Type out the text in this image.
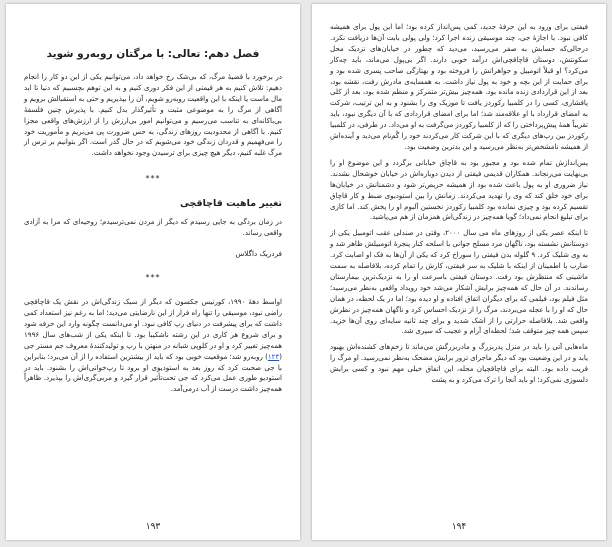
فصل دهم: تعالی: با مرگتان روبه‌رو شوید

در برخورد با قضیهٔ مرگ، که بی‌شک رخ خواهد داد، می‌توانیم یکی از این دو کار را انجام دهیم: تلاش کنیم به هر قیمتی از این فکر دوری کنیم و به این توهم بچسبیم که دنیا تا ابد مال ماست یا اینکه با این واقعیت روبه‌رو شویم، آن را بپذیریم و حتی به استقبالش برویم و آگاهی از مرگ را به موضوعی مثبت و تأثیرگذار بدل کنیم. با پذیرش چنین فلسفهٔ بی‌باکانه‌ای به تناسب می‌رسیم و می‌توانیم امور بی‌ارزش را از ارزش‌های واقعی مجزا کنیم. با آگاهی از محدودیت روزهای زندگی، به حس ضرورت پی می‌بریم و مأموریت خود را می‌فهمیم و قدردان زندگی خود می‌شویم که در حال گذر است. اگر بتوانیم بر ترس از مرگ غلبه کنیم، دیگر هیچ چیزی برای ترسیدن وجود نخواهد داشت.

***
تغییر ماهیت قاچاقچی

در زمان بردگی به جایی رسیدم که دیگر از مردن نمی‌ترسیدم؛ روحیه‌ای که مرا به آزادی واقعی رساند.

فردریک داگلاس
***

اواسط دههٔ ۱۹۹۰، کورتیس جکسون که دیگر از سبک زندگی‌اش در نقش یک قاچاقچی راضی نبود، موسیقی را تنها راه فرار از این نارضایتی می‌دید؛ اما به رغم نیز استعداد کمی داشت که برای پیشرفت در دنیای رپ کافی نبود. او می‌دانست چگونه وارد این حرفه شود و برای شروع هر کاری در این رشته ناشکیبا بود. تا اینکه یکی از شب‌های سال ۱۹۹۶ همه‌چیز تغییر کرد و او در کلوپی شبانه در منهتن با رپ و تولیدکنندهٔ معروف جم مستر جی (۱۲۴) روبه‌رو شد؛ موقعیت خوبی بود که باید از بیشترین استفاده را از آن می‌برد؛ بنابراین با جی صحبت کرد که روز بعد به استودیوی او برود تا رپ‌خوانی‌اش را بشنود. باید در استودیو طوری عمل می‌کرد که جی تحت‌تأثیر قرار گیرد و مربی‌گری‌اش را بپذیرد. ظاهراً همه‌چیز داشت درست از آب درمی‌آمد.

۱۹۳

فیفتی برای ورود به این حرفهٔ جدید، کمی پس‌انداز کرده بود؛ اما این پول برای همیشه کافی نبود. با اجازهٔ جی، چند موسیقی زنده اجرا کرد؛ ولی پولی بابت آن‌ها دریافت نکرد. درحالی‌که حسابش به صفر می‌رسید، می‌دید که چطور در خیابان‌های نزدیک محل سکونتش، دوستان قاچاقچی‌اش درآمد خوبی دارند. اگر بی‌پول می‌ماند، باید چه‌کار می‌کرد؟ او قبلاً اتومبیل و جواهراتش را فروخته بود و بهتازگی صاحب پسری شده بود و برای حمایت از این بچه و خود به پول نیاز داشت. به همسایه‌ی مادرش رفت، نقشه بود، بعد از این قراردادی زنده مانده بود. همه‌چیز بیش‌تر متمرکز و منظم شده بود، بعد از کلی پافشاری، کسی را در کلمبیا رکوردز یافت تا موزیک وی را بشنود و به این ترتیب، شرکت به امضای قرارداد با او علاقه‌مند شد؛ اما برای امضای قراردادی که با آن دیگری نبود، باید تقریباً همهٔ پیش‌پرداختی را که از کلمبیا رکوردز می‌گرفت به او می‌داد. در طرفی، در کلمبیا رکوردز بین رپ‌های دیگری که با این شرکت کار می‌کردند خود را گُم‌نام می‌دید و آینده‌اش از همیشه نامشخص‌تر به‌نظر می‌رسید و این بدترین وضعیت بود.

پس‌اندازش تمام شده بود و مجبور بود به قاچاق خیابانی برگردد و این موضوع او را بی‌نهایت می‌رنجاند. همکاران قدیمی فیفتی از دیدن دوباره‌اش در خیابان خوشحال نشدند. نیاز ضروری او به پول باعث شده بود از همیشه حریص‌تر شود و دشمنانش در خیابان‌ها برای خود خلق کند که وی را تهدید می‌کردند. زمانش را بین استودیوی ضبط و کار قاچاق تقسیم کرده بود و چیزی نمانده بود کلمبیا رکوردز نخستین آلبوم او را پخش کند. اما کاری برای تبلیغ انجام نمی‌داد؛ گویا همه‌چیز در زندگی‌اش همزمان از هم می‌پاشید.

تا اینکه عصر یکی از روزهای ماه می سال ۲۰۰۰، وقتی در صندلی عقب اتومبیل یکی از دوستانش نشسته بود، ناگهان مرد مسلح جوانی با اسلحه کنار پنجرهٔ اتومبیلش ظاهر شد و به وی شلیک کرد. ۹ گلوله بدن فیفتی را سوراخ کرد که یکی از آن‌ها به فک او اصابت کرد. ضارب با اطمینان از اینکه با شلیک به سر فیفتی، کارش را تمام کرده، بلافاصله به سمت ماشینی که منتظرش بود رفت. دوستان فیفتی باسرعت او را به نزدیک‌ترین بیمارستان رساندند. در آن حال که همه‌چیز برایش آشکار می‌شد خود رویداد واقعی به‌نظر می‌رسید؛ مثل فیلم بود، فیلمی که برای دیگران اتفاق افتاده و او دیده بود؛ اما در یک لحظه، در همان حال که او را با عجله می‌بردند، مرگ را از نزدیک احساس کرد و ناگهان همه‌چیز در نظرش واقعی شد. بلافاصله حرارتی را از اشک شدید و برای چند ثانیه سایه‌ای روی آن‌ها خزید. سپس همه چیز متوقف شد؛ لحظه‌ای آرام و عجیب که سپری شد.

ماه‌هایی آتی را باید در منزل پدربزرگ و مادربزرگش می‌ماند تا زخم‌های کشنده‌اش بهبود یابد و در این وضعیت بود که دیگر ماجرای ترور برایش مضحک به‌نظر نمی‌رسید. او مرگ را قریب داده بود. البته برای قاچاقچیان محله، این اتفاق خیلی مهم نبود و کسی برایش دلسوزی نمی‌کرد؛ او باید آنجا را ترک می‌کرد و به پشت

۱۹۴
